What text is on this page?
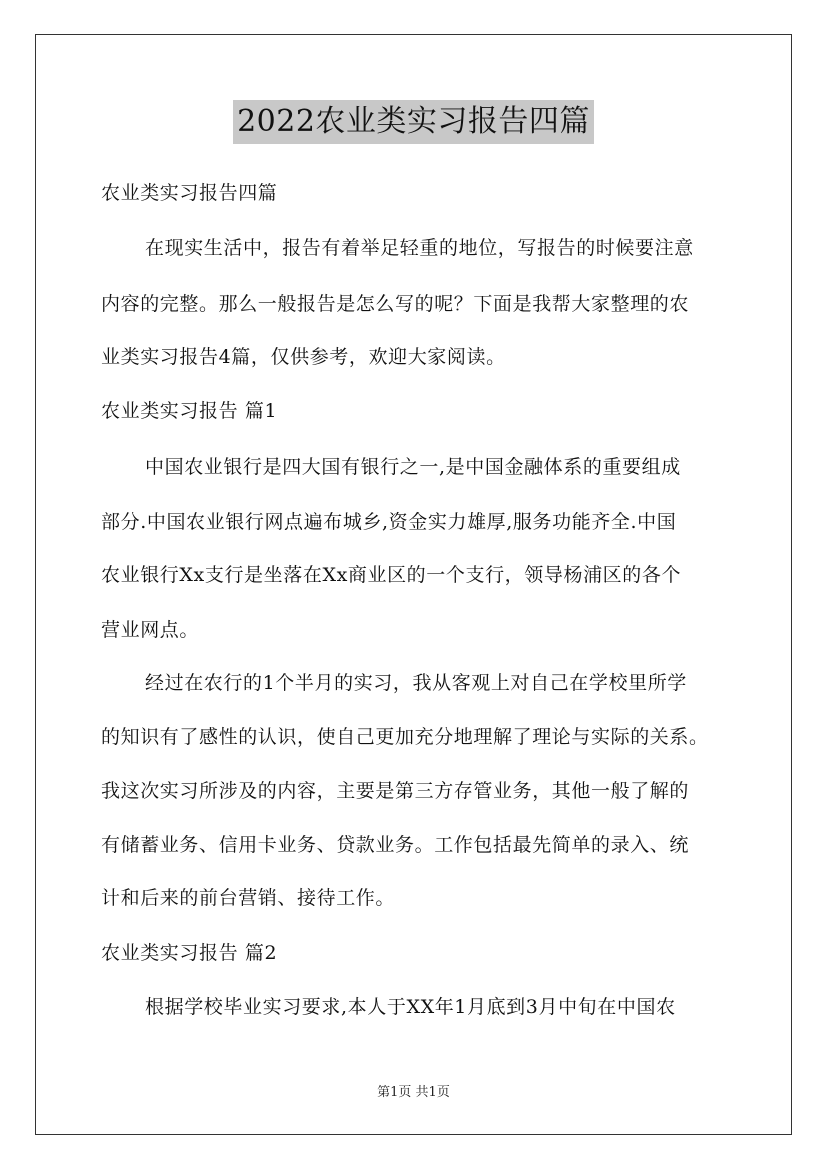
2022农业类实习报告四篇
农业类实习报告四篇
在现实生活中，报告有着举足轻重的地位，写报告的时候要注意
内容的完整。那么一般报告是怎么写的呢？下面是我帮大家整理的农
业类实习报告4篇，仅供参考，欢迎大家阅读。
农业类实习报告 篇1
中国农业银行是四大国有银行之一,是中国金融体系的重要组成
部分.中国农业银行网点遍布城乡,资金实力雄厚,服务功能齐全.中国
农业银行Xx支行是坐落在Xx商业区的一个支行，领导杨浦区的各个
营业网点。
经过在农行的1个半月的实习，我从客观上对自己在学校里所学
的知识有了感性的认识，使自己更加充分地理解了理论与实际的关系。
我这次实习所涉及的内容，主要是第三方存管业务，其他一般了解的
有储蓄业务、信用卡业务、贷款业务。工作包括最先简单的录入、统
计和后来的前台营销、接待工作。
农业类实习报告 篇2
根据学校毕业实习要求,本人于XX年1月底到3月中旬在中国农
第1页 共1页
